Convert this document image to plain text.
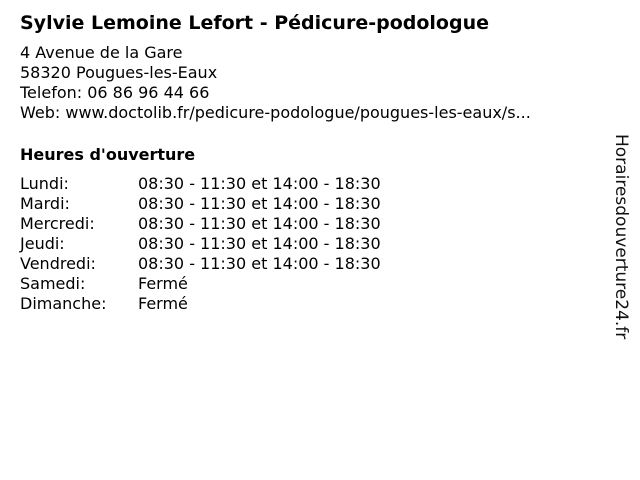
Sylvie Lemoine Lefort - Pédicure-podologue
4 Avenue de la Gare
58320 Pougues-les-Eaux
Telefon: 06 86 96 44 66
Web: www.doctolib.fr/pedicure-podologue/pougues-les-eaux/s...
Heures d'ouverture
Lundi:	08:30 - 11:30 et 14:00 - 18:30
Mardi:	08:30 - 11:30 et 14:00 - 18:30
Mercredi:	08:30 - 11:30 et 14:00 - 18:30
Jeudi:	08:30 - 11:30 et 14:00 - 18:30
Vendredi:	08:30 - 11:30 et 14:00 - 18:30
Samedi:	Fermé
Dimanche:	Fermé	Horairesdouverture24.fr
